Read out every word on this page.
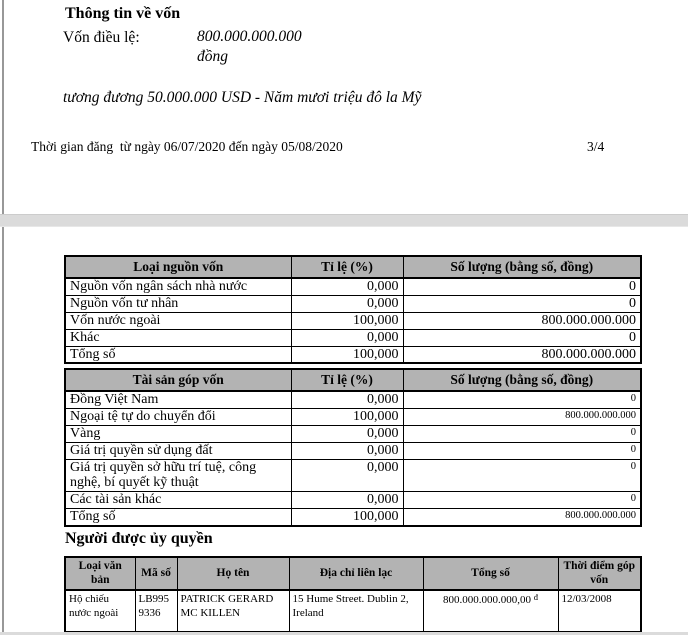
Thông tin về vốn
Vốn điều lệ:	800.000.000.000
đồng
tương đương 50.000.000 USD - Năm mươi triệu đô la Mỹ
Thời gian đăng  từ ngày 06/07/2020 đến ngày 05/08/2020	3/4
Loại nguồn vốn	Tỉ lệ (%)	Số lượng (bằng số, đồng)
Nguồn vốn ngân sách nhà nước	0,000	0
Nguồn vốn tư nhân	0,000	0
Vốn nước ngoài	100,000	800.000.000.000
Khác	0,000	0
Tổng số	100,000	800.000.000.000
Tài sản góp vốn	Tỉ lệ (%)	Số lượng (bằng số, đồng)
Đồng Việt Nam	0,000	0
Ngoại tệ tự do chuyển đổi	100,000	800.000.000.000
Vàng	0,000	0
Giá trị quyền sử dụng đất	0,000	0
Giá trị quyền sở hữu trí tuệ, công nghệ, bí quyết kỹ thuật	0,000	0
Các tài sản khác	0,000	0
Tổng số	100,000	800.000.000.000
Người được ủy quyền
Loại văn bản	Mã số	Họ tên	Địa chỉ liên lạc	Tổng số	Thời điểm góp vốn
Hộ chiếu nước ngoài	LB995 9336	PATRICK GERARD MC KILLEN	15 Hume Street. Dublin 2, Ireland	800.000.000.000,00 $^đ$	12/03/2008
